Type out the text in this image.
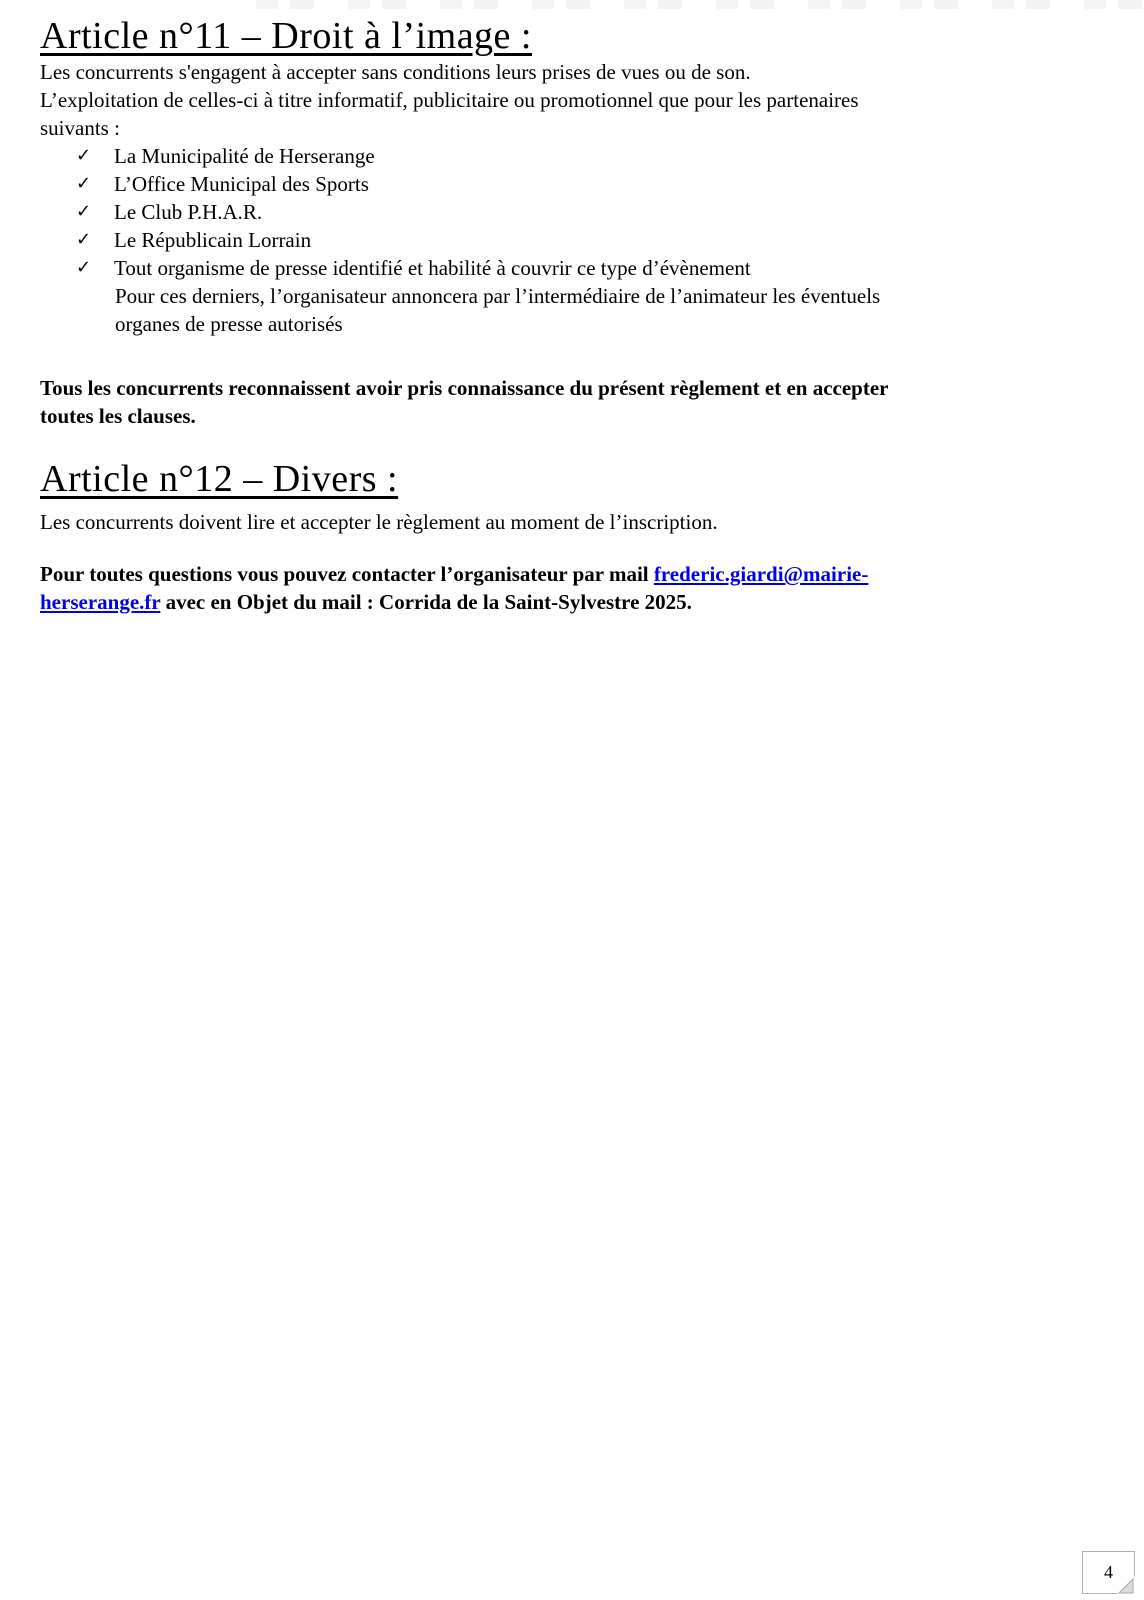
Article n°11 – Droit à l’image :
Les concurrents s'engagent à accepter sans conditions leurs prises de vues ou de son.
L’exploitation de celles-ci à titre informatif, publicitaire ou promotionnel que pour les partenaires
suivants :
✓	La Municipalité de Herserange
✓	L’Office Municipal des Sports
✓	Le Club P.H.A.R.
✓	Le Républicain Lorrain
✓	Tout organisme de presse identifié et habilité à couvrir ce type d’évènement
Pour ces derniers, l’organisateur annoncera par l’intermédiaire de l’animateur les éventuels
organes de presse autorisés
Tous les concurrents reconnaissent avoir pris connaissance du présent règlement et en accepter
toutes les clauses.
Article n°12 – Divers :
Les concurrents doivent lire et accepter le règlement au moment de l’inscription.
Pour toutes questions vous pouvez contacter l’organisateur par mail frederic.giardi@mairie-
herserange.fr avec en Objet du mail : Corrida de la Saint-Sylvestre 2025.
4
